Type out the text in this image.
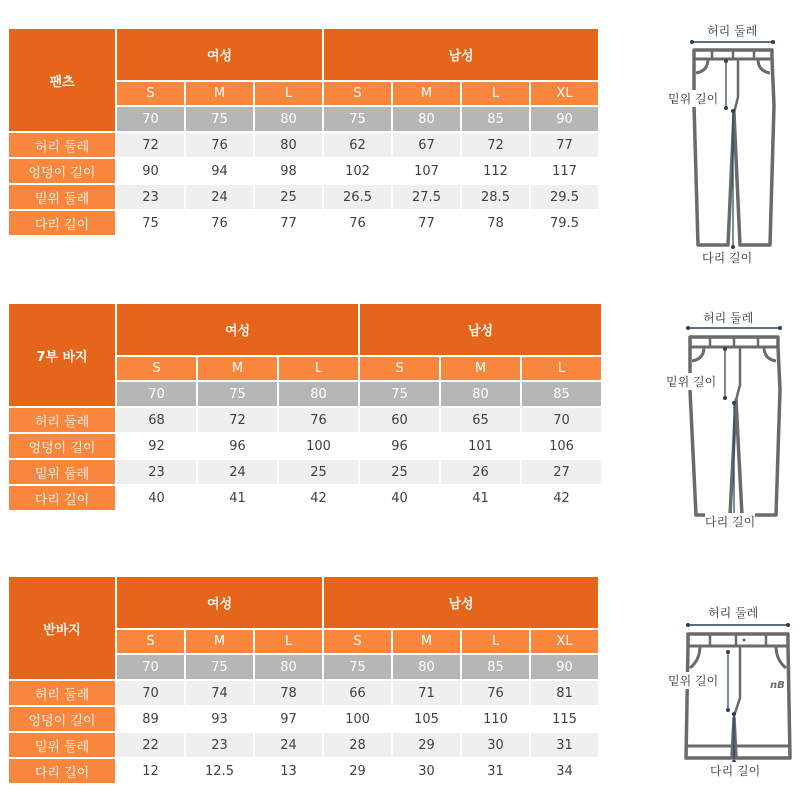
팬츠	여성			남성			
	S	M	L	S	M	L	XL
	70	75	80	75	80	85	90
허리 둘레	72	76	80	62	67	72	77
엉덩이 길이	90	94	98	102	107	112	117
밑위 둘레	23	24	25	26.5	27.5	28.5	29.5
다리 길이	75	76	77	76	77	78	79.5
허리 둘레
밑위 길이
다리 길이
7부 바지	여성			남성		
	S	M	L	S	M	L
	70	75	80	75	80	85
허리 둘레	68	72	76	60	65	70
엉덩이 길이	92	96	100	96	101	106
밑위 둘레	23	24	25	25	26	27
다리 길이	40	41	42	40	41	42
허리 둘레
밑위 길이
다리 길이
반바지	여성			남성			
	S	M	L	S	M	L	XL
	70	75	80	75	80	85	90
허리 둘레	70	74	78	66	71	76	81
엉덩이 길이	89	93	97	100	105	110	115
밑위 둘레	22	23	24	28	29	30	31
다리 길이	12	12.5	13	29	30	31	34
nB
허리 둘레
밑위 길이
다리 길이
